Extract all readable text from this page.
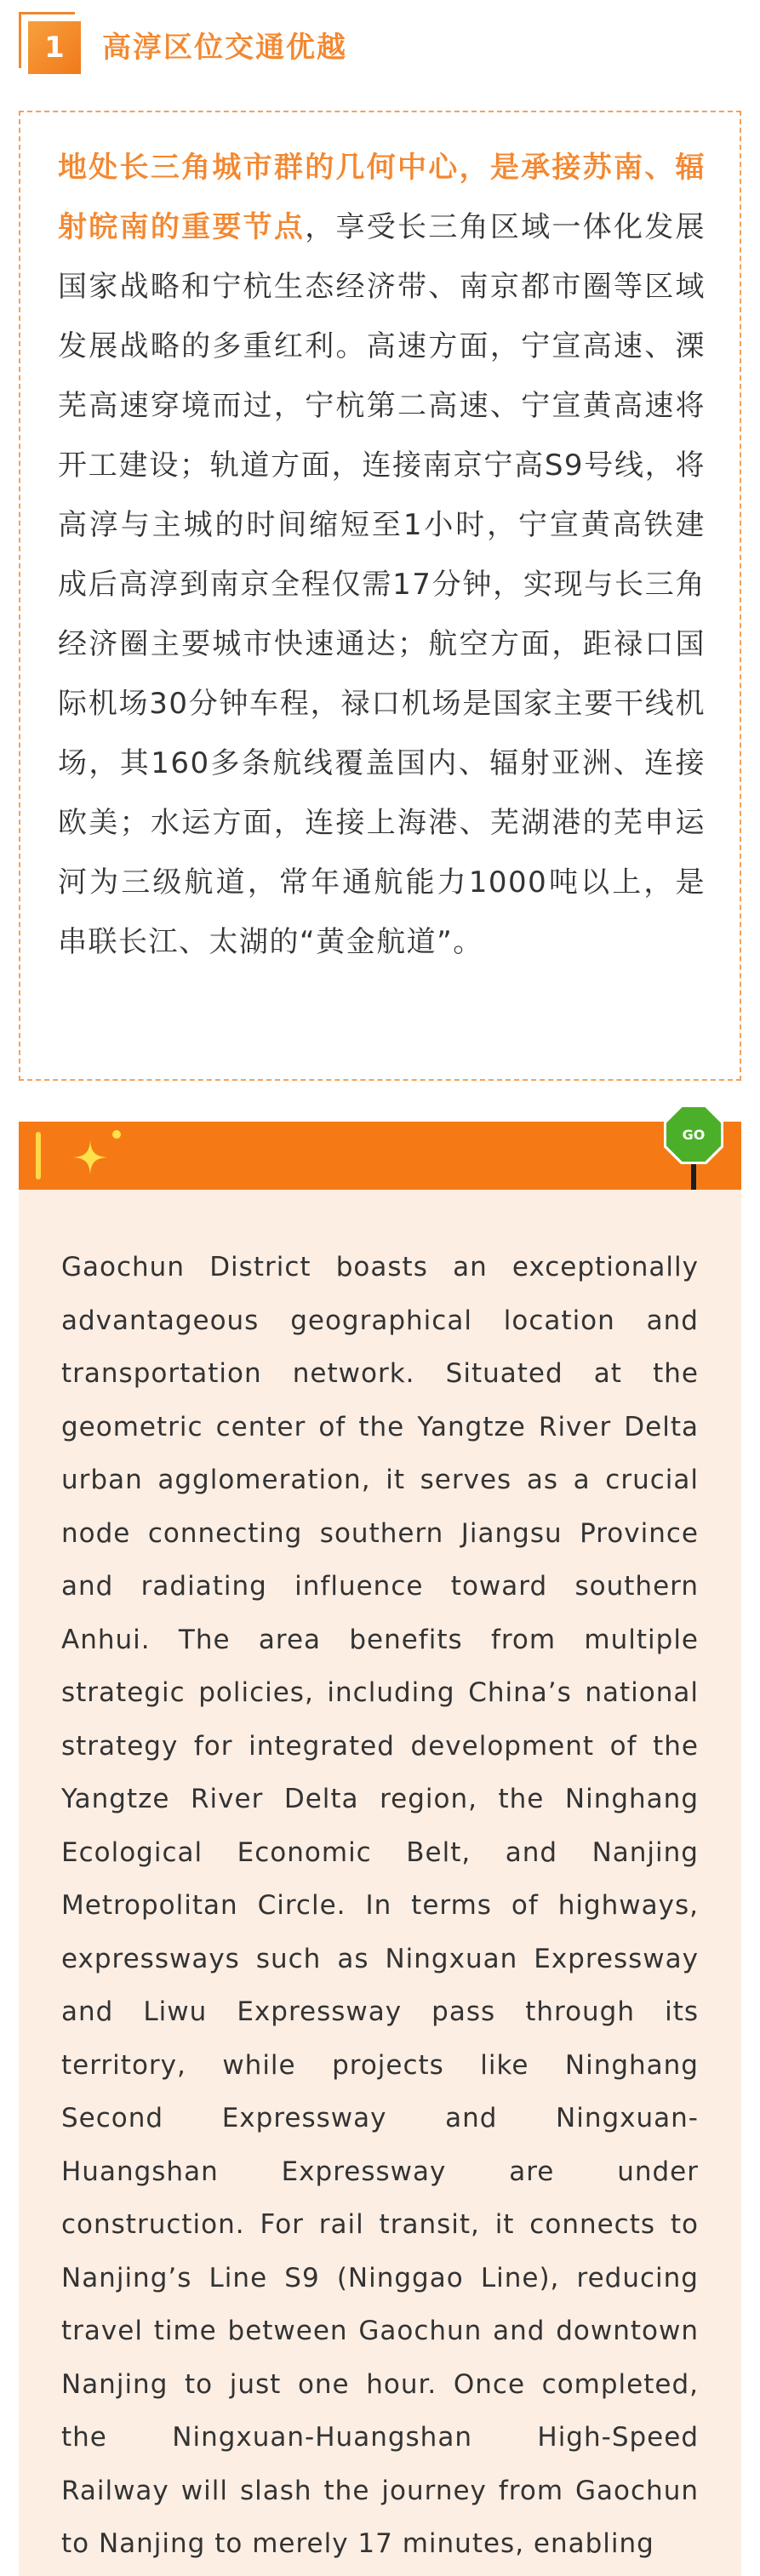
1	高淳区位交通优越
地处长三角城市群的几何中心，是承接苏南、辐射皖南的重要节点，享受长三角区域一体化发展国家战略和宁杭生态经济带、南京都市圈等区域发展战略的多重红利。高速方面，宁宣高速、溧芜高速穿境而过，宁杭第二高速、宁宣黄高速将开工建设；轨道方面，连接南京宁高S9号线，将高淳与主城的时间缩短至1小时，宁宣黄高铁建成后高淳到南京全程仅需17分钟，实现与长三角经济圈主要城市快速通达；航空方面，距禄口国际机场30分钟车程，禄口机场是国家主要干线机场，其160多条航线覆盖国内、辐射亚洲、连接欧美；水运方面，连接上海港、芜湖港的芜申运河为三级航道，常年通航能力1000吨以上，是串联长江、太湖的“黄金航道”。
GO
Gaochun District boasts an exceptionally advantageous geographical location and transportation network. Situated at the geometric center of the Yangtze River Delta urban agglomeration, it serves as a crucial node connecting southern Jiangsu Province and radiating influence toward southern Anhui. The area benefits from multiple strategic policies, including China’s national strategy for integrated development of the Yangtze River Delta region, the Ninghang Ecological Economic Belt, and Nanjing Metropolitan Circle. In terms of highways, expressways such as Ningxuan Expressway and Liwu Expressway pass through its territory, while projects like Ninghang Second Expressway and Ningxuan-Huangshan Expressway are under construction. For rail transit, it connects to Nanjing’s Line S9 (Ninggao Line), reducing travel time between Gaochun and downtown Nanjing to just one hour. Once completed, the Ningxuan-Huangshan High-Speed Railway will slash the journey from Gaochun to Nanjing to merely 17 minutes, enabling
